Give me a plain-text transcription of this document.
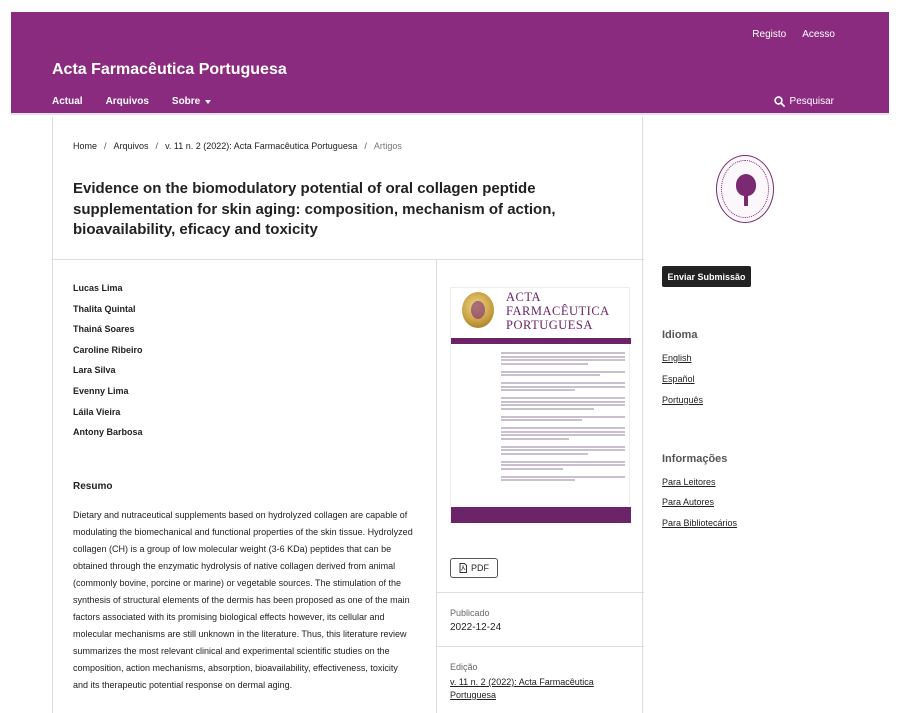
Registo Acesso
Acta Farmacêutica Portuguesa
Actual Arquivos Sobre	Pesquisar
Home / Arquivos / v. 11 n. 2 (2022): Acta Farmacêutica Portuguesa / Artigos
Evidence on the biomodulatory potential of oral collagen peptide supplementation for skin aging: composition, mechanism of action, bioavailability, eficacy and toxicity
Lucas Lima
Thalita Quintal
Thainá Soares
Caroline Ribeiro
Lara Silva
Evenny Lima
Láila Vieira
Antony Barbosa
Resumo

Dietary and nutraceutical supplements based on hydrolyzed collagen are capable of modulating the biomechanical and functional properties of the skin tissue. Hydrolyzed collagen (CH) is a group of low molecular weight (3-6 KDa) peptides that can be obtained through the enzymatic hydrolysis of native collagen derived from animal (commonly bovine, porcine or marine) or vegetable sources. The stimulation of the synthesis of structural elements of the dermis has been proposed as one of the main factors associated with its promising biological effects however, its cellular and molecular mechanisms are still unknown in the literature. Thus, this literature review summarizes the most relevant clinical and experimental scientific studies on the composition, action mechanisms, absorption, bioavailability, effectiveness, toxicity and its therapeutic potential response on dermal aging.

ACTA
FARMACÊUTICA
PORTUGUESA
PDF
Publicado
2022-12-24
Edição
v. 11 n. 2 (2022): Acta Farmacêutica Portuguesa
Enviar Submissão
Idioma
English
Español
Português
Informações
Para Leitores
Para Autores
Para Bibliotecários
